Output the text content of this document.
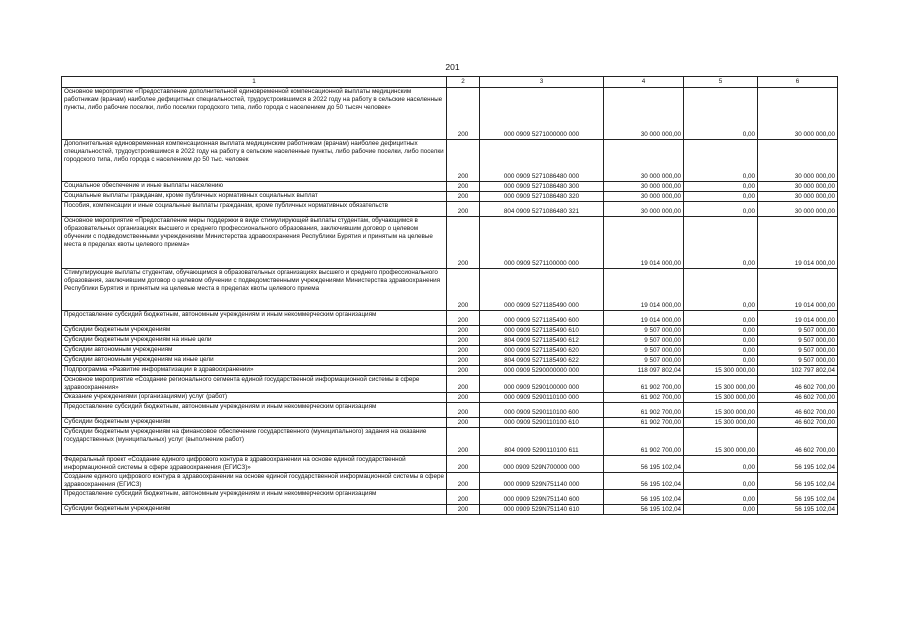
201
1	2	3	4	5	6
Основное мероприятие «Предоставление дополнительной единовременной компенсационной выплаты медицинским работникам (врачам) наиболее дефицитных специальностей, трудоустроившимся в 2022 году на работу в сельские населенные пункты, либо рабочие поселки, либо поселки городского типа, либо города с населением до 50 тысяч человек»	200	000 0909 5271000000 000	30 000 000,00	0,00	30 000 000,00
Дополнительная единовременная компенсационная выплата медицинским работникам (врачам) наиболее дефицитных специальностей, трудоустроившимся в 2022 году на работу в сельские населенные пункты, либо рабочие поселки, либо поселки городского типа, либо города с населением до 50 тыс. человек	200	000 0909 5271086480 000	30 000 000,00	0,00	30 000 000,00
Социальное обеспечение и иные выплаты населению	200	000 0909 5271086480 300	30 000 000,00	0,00	30 000 000,00
Социальные выплаты гражданам, кроме публичных нормативных социальных выплат	200	000 0909 5271086480 320	30 000 000,00	0,00	30 000 000,00
Пособия, компенсации и иные социальные выплаты гражданам, кроме публичных нормативных обязательств	200	804 0909 5271086480 321	30 000 000,00	0,00	30 000 000,00
Основное мероприятие «Предоставление меры поддержки в виде стимулирующей выплаты студентам, обучающимся в образовательных организациях высшего и среднего профессионального образования, заключившим договор о целевом обучении с подведомственными учреждениями Министерства здравоохранения Республики Бурятия и принятым на целевые места в пределах квоты целевого приема»	200	000 0909 5271100000 000	19 014 000,00	0,00	19 014 000,00
Стимулирующие выплаты студентам, обучающимся в образовательных организациях высшего и среднего профессионального образования, заключившим договор о целевом обучении с подведомственными учреждениями Министерства здравоохранения Республики Бурятия и принятым на целевые места в пределах квоты целевого приема	200	000 0909 5271185490 000	19 014 000,00	0,00	19 014 000,00
Предоставление субсидий бюджетным, автономным учреждениям и иным некоммерческим организациям	200	000 0909 5271185490 600	19 014 000,00	0,00	19 014 000,00
Субсидии бюджетным учреждениям	200	000 0909 5271185490 610	9 507 000,00	0,00	9 507 000,00
Субсидии бюджетным учреждениям на иные цели	200	804 0909 5271185490 612	9 507 000,00	0,00	9 507 000,00
Субсидии автономным учреждениям	200	000 0909 5271185490 620	9 507 000,00	0,00	9 507 000,00
Субсидии автономным учреждениям на иные цели	200	804 0909 5271185490 622	9 507 000,00	0,00	9 507 000,00
Подпрограмма «Развитие информатизации в здравоохранении»	200	000 0909 5290000000 000	118 097 802,04	15 300 000,00	102 797 802,04
Основное мероприятие «Создание регионального сегмента единой государственной информационной системы в сфере здравоохранения»	200	000 0909 5290100000 000	61 902 700,00	15 300 000,00	46 602 700,00
Оказание учреждениями (организациями) услуг (работ)	200	000 0909 5290110100 000	61 902 700,00	15 300 000,00	46 602 700,00
Предоставление субсидий бюджетным, автономным учреждениям и иным некоммерческим организациям	200	000 0909 5290110100 600	61 902 700,00	15 300 000,00	46 602 700,00
Субсидии бюджетным учреждениям	200	000 0909 5290110100 610	61 902 700,00	15 300 000,00	46 602 700,00
Субсидии бюджетным учреждениям на финансовое обеспечение государственного (муниципального) задания на оказание государственных (муниципальных) услуг (выполнение работ)	200	804 0909 5290110100 611	61 902 700,00	15 300 000,00	46 602 700,00
Федеральный проект «Создание единого цифрового контура в здравоохранении на основе единой государственной информационной системы в сфере здравоохранения (ЕГИСЗ)»	200	000 0909 529N700000 000	56 195 102,04	0,00	56 195 102,04
Создание единого цифрового контура в здравоохранении на основе единой государственной информационной системы в сфере здравоохранения (ЕГИСЗ)	200	000 0909 529N751140 000	56 195 102,04	0,00	56 195 102,04
Предоставление субсидий бюджетным, автономным учреждениям и иным некоммерческим организациям	200	000 0909 529N751140 600	56 195 102,04	0,00	56 195 102,04
Субсидии бюджетным учреждениям	200	000 0909 529N751140 610	56 195 102,04	0,00	56 195 102,04
